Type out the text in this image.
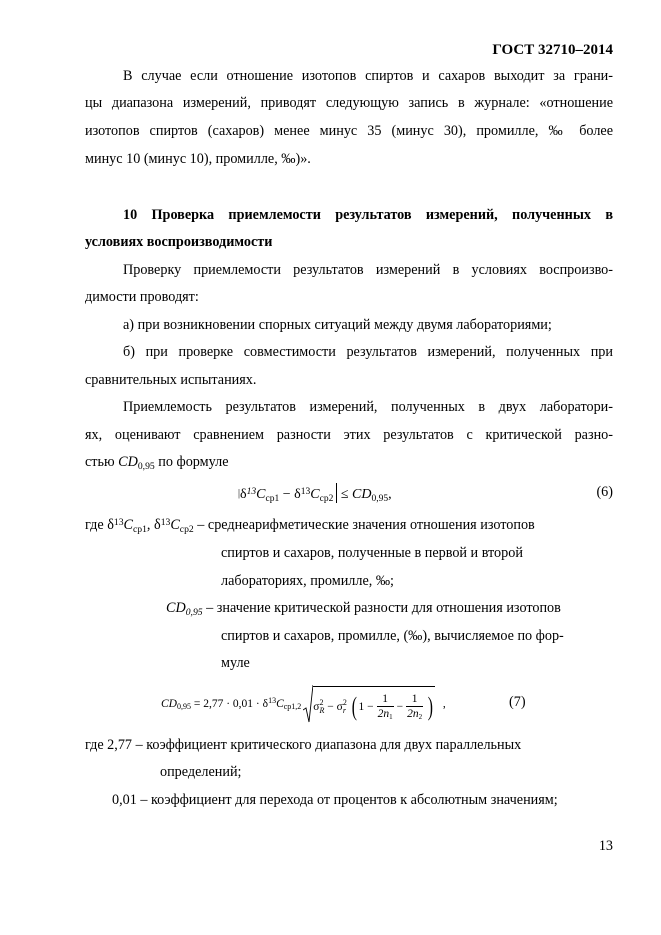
ГОСТ 32710–2014
В случае если отношение изотопов спиртов и сахаров выходит за грани-
цы диапазона измерений, приводят следующую запись в журнале: «отношение
изотопов спиртов (сахаров) менее минус 35 (минус 30), промилле, ‰ более
минус 10 (минус 10), промилле, ‰)».
10 Проверка приемлемости результатов измерений, полученных в
условиях воспроизводимости
Проверку приемлемости результатов измерений в условиях воспроизво-
димости проводят:
а) при возникновении спорных ситуаций между двумя лабораториями;
б) при проверке совместимости результатов измерений, полученных при
сравнительных испытаниях.
Приемлемость результатов измерений, полученных в двух лаборатори-
ях, оценивают сравнением разности этих результатов с критической разно-
стью $CD_{0,95}$ по формуле
$|\delta^{13}C_{ср1} - \delta^{13}C_{ср2} \le CD_{0,95}$,	(6)
где $\delta^{13}C_{ср1}$, $\delta^{13}C_{ср2}$ – среднеарифметические значения отношения изотопов
спиртов и сахаров, полученные в первой и второй
лабораториях, промилле, ‰;
$CD_{0,95}$ – значение критической разности для отношения изотопов
спиртов и сахаров, промилле, (‰), вычисляемое по фор-
муле
CD 0,95 = 2,77 · 0,01 · δ 13 C ср1,2 σ 2
R − σ 2
r ( $1 - \frac{1}{2n_1} - \frac{1}{2n_2}$ ) ,	(7)
где 2,77 – коэффициент критического диапазона для двух параллельных
определений;
0,01 – коэффициент для перехода от процентов к абсолютным значениям;
13
